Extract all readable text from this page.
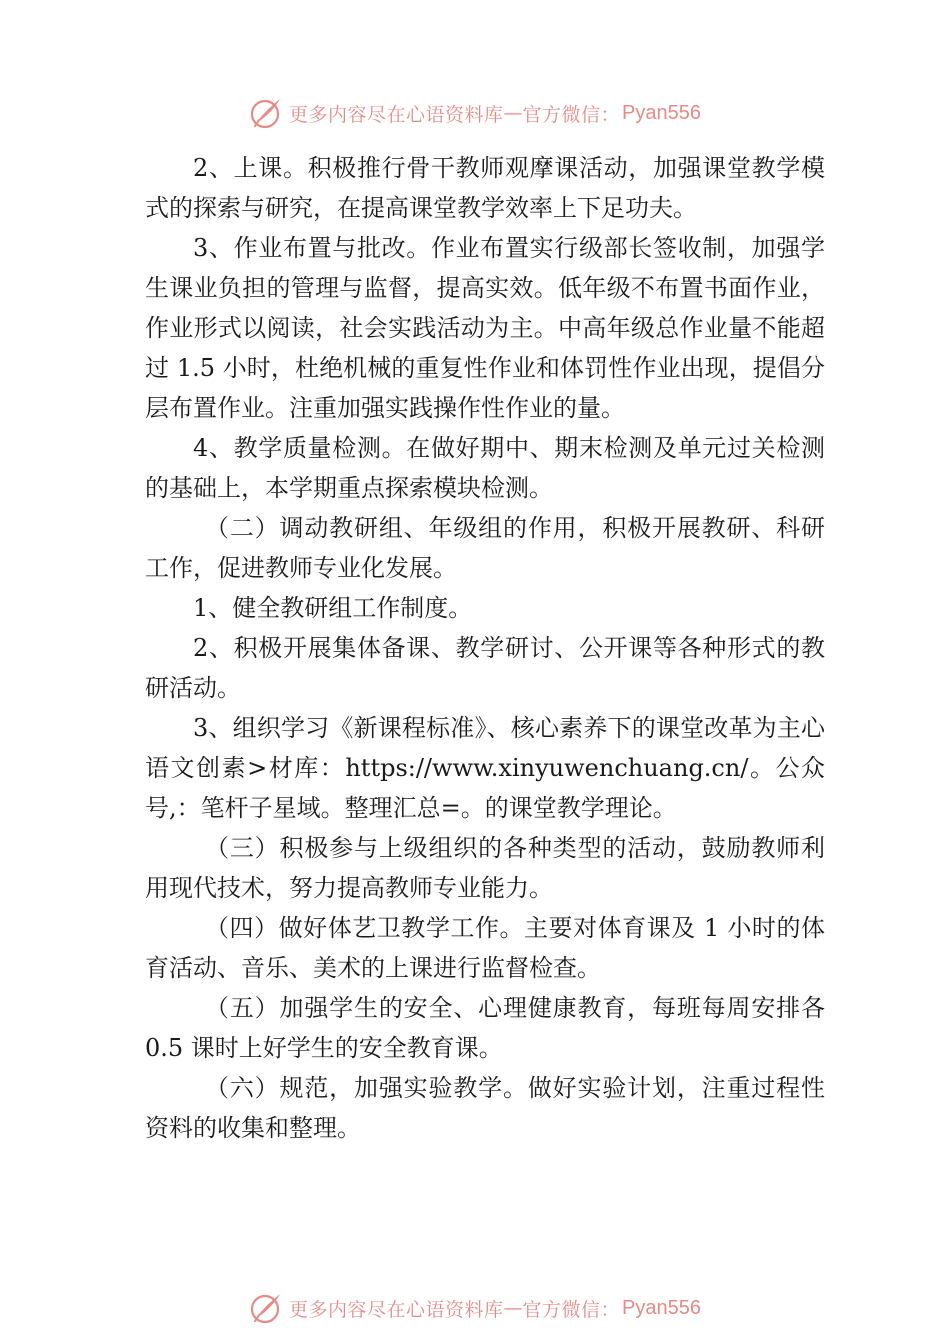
更多内容尽在心语资料库 — 官方微信： Pyan556

2、上课。积极推行骨干教师观摩课活动，加强课堂教学模式的探索与研究，在提高课堂教学效率上下足功夫。

3、作业布置与批改。作业布置实行级部长签收制，加强学生课业负担的管理与监督，提高实效。低年级不布置书面作业，作业形式以阅读，社会实践活动为主。中高年级总作业量不能超过 1.5 小时，杜绝机械的重复性作业和体罚性作业出现，提倡分层布置作业。注重加强实践操作性作业的量。

4、教学质量检测。在做好期中、期末检测及单元过关检测的基础上，本学期重点探索模块检测。

（二）调动教研组、年级组的作用，积极开展教研、科研工作，促进教师专业化发展。

1、健全教研组工作制度。

2、积极开展集体备课、教学研讨、公开课等各种形式的教研活动。

3、组织学习《新课程标准》、核心素养下的课堂改革为主心语文创素>材库：https://www.xinyuwenchuang.cn/。公众号,：笔杆子星域。整理汇总=。的课堂教学理论。

（三）积极参与上级组织的各种类型的活动，鼓励教师利用现代技术，努力提高教师专业能力。

（四）做好体艺卫教学工作。主要对体育课及 1 小时的体育活动、音乐、美术的上课进行监督检查。

（五）加强学生的安全、心理健康教育，每班每周安排各 0.5 课时上好学生的安全教育课。

（六）规范，加强实验教学。做好实验计划，注重过程性资料的收集和整理。

更多内容尽在心语资料库 — 官方微信： Pyan556
